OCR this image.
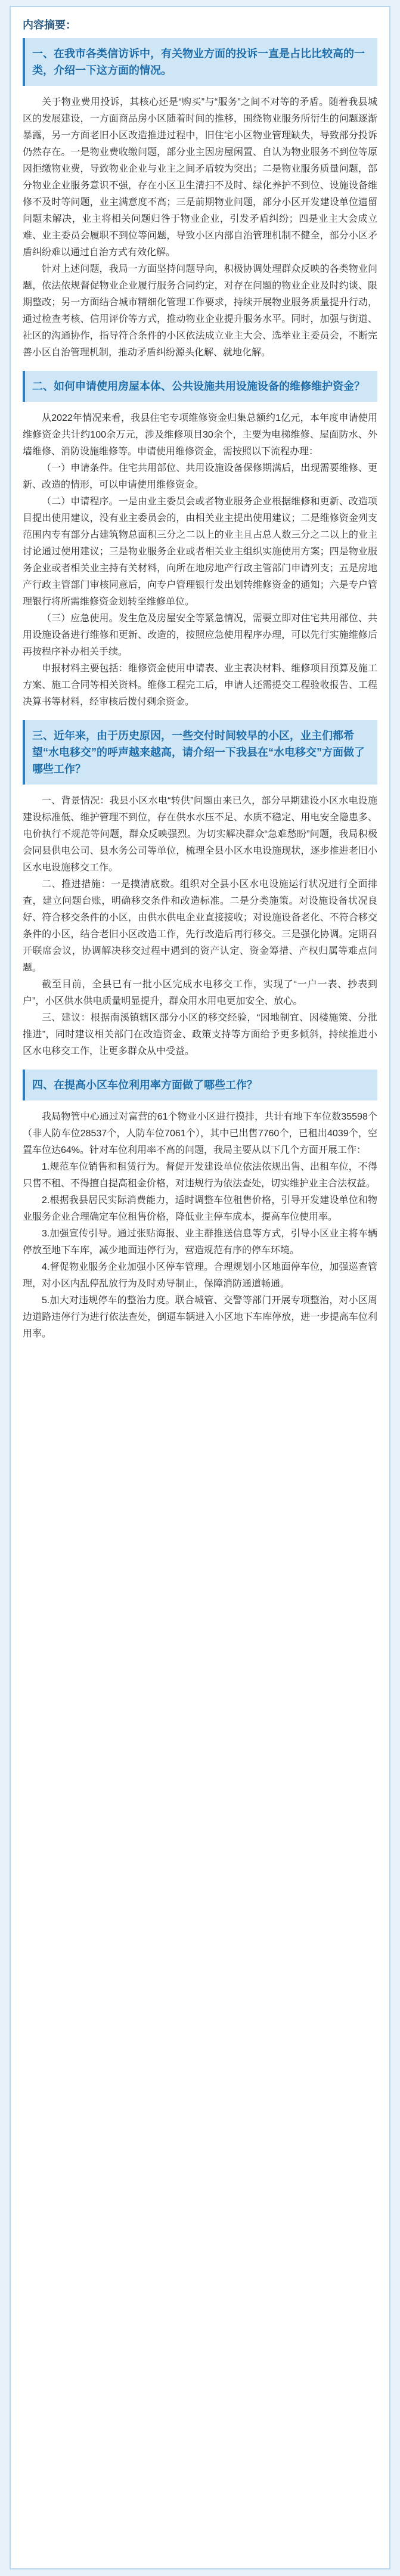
内容摘要：
一、在我市各类信访诉中，有关物业方面的投诉一直是占比比较高的一类，介绍一下这方面的情况。
关于物业费用投诉，其核心还是“购买”与“服务”之间不对等的矛盾。随着我县城区的发展建设，一方面商品房小区随着时间的推移，围绕物业服务所衍生的问题逐渐暴露，另一方面老旧小区改造推进过程中，旧住宅小区物业管理缺失，导致部分投诉仍然存在。一是物业费收缴问题，部分业主因房屋闲置、自认为物业服务不到位等原因拒缴物业费，导致物业企业与业主之间矛盾较为突出；二是物业服务质量问题，部分物业企业服务意识不强，存在小区卫生清扫不及时、绿化养护不到位、设施设备维修不及时等问题，业主满意度不高；三是前期物业问题，部分小区开发建设单位遗留问题未解决，业主将相关问题归咎于物业企业，引发矛盾纠纷；四是业主大会成立难、业主委员会履职不到位等问题，导致小区内部自治管理机制不健全，部分小区矛盾纠纷难以通过自治方式有效化解。
针对上述问题，我局一方面坚持问题导向，积极协调处理群众反映的各类物业问题，依法依规督促物业企业履行服务合同约定，对存在问题的物业企业及时约谈、限期整改；另一方面结合城市精细化管理工作要求，持续开展物业服务质量提升行动，通过检查考核、信用评价等方式，推动物业企业提升服务水平。同时，加强与街道、社区的沟通协作，指导符合条件的小区依法成立业主大会、选举业主委员会，不断完善小区自治管理机制，推动矛盾纠纷源头化解、就地化解。
二、如何申请使用房屋本体、公共设施共用设施设备的维修维护资金？
从2022年情况来看，我县住宅专项维修资金归集总额约1亿元，本年度申请使用维修资金共计约100余万元，涉及维修项目30余个，主要为电梯维修、屋面防水、外墙维修、消防设施维修等。申请使用维修资金，需按照以下流程办理：
（一）申请条件。住宅共用部位、共用设施设备保修期满后，出现需要维修、更新、改造的情形，可以申请使用维修资金。
（二）申请程序。一是由业主委员会或者物业服务企业根据维修和更新、改造项目提出使用建议，没有业主委员会的，由相关业主提出使用建议；二是维修资金列支范围内专有部分占建筑物总面积三分之二以上的业主且占总人数三分之二以上的业主讨论通过使用建议；三是物业服务企业或者相关业主组织实施使用方案；四是物业服务企业或者相关业主持有关材料，向所在地房地产行政主管部门申请列支；五是房地产行政主管部门审核同意后，向专户管理银行发出划转维修资金的通知；六是专户管理银行将所需维修资金划转至维修单位。
（三）应急使用。发生危及房屋安全等紧急情况，需要立即对住宅共用部位、共用设施设备进行维修和更新、改造的，按照应急使用程序办理，可以先行实施维修后再按程序补办相关手续。
申报材料主要包括：维修资金使用申请表、业主表决材料、维修项目预算及施工方案、施工合同等相关资料。维修工程完工后，申请人还需提交工程验收报告、工程决算书等材料，经审核后拨付剩余资金。
三、近年来，由于历史原因，一些交付时间较早的小区，业主们都希望“水电移交”的呼声越来越高，请介绍一下我县在“水电移交”方面做了哪些工作？
一、背景情况：我县小区水电“转供”问题由来已久，部分早期建设小区水电设施建设标准低、维护管理不到位，存在供水水压不足、水质不稳定、用电安全隐患多、电价执行不规范等问题，群众反映强烈。为切实解决群众“急难愁盼”问题，我局积极会同县供电公司、县水务公司等单位，梳理全县小区水电设施现状，逐步推进老旧小区水电设施移交工作。
二、推进措施：一是摸清底数。组织对全县小区水电设施运行状况进行全面排查，建立问题台账，明确移交条件和改造标准。二是分类施策。对设施设备状况良好、符合移交条件的小区，由供水供电企业直接接收；对设施设备老化、不符合移交条件的小区，结合老旧小区改造工作，先行改造后再行移交。三是强化协调。定期召开联席会议，协调解决移交过程中遇到的资产认定、资金筹措、产权归属等难点问题。
截至目前，全县已有一批小区完成水电移交工作，实现了“一户一表、抄表到户”，小区供水供电质量明显提升，群众用水用电更加安全、放心。
三、建议：根据南溪镇辖区部分小区的移交经验，“因地制宜、因楼施策、分批推进”，同时建议相关部门在改造资金、政策支持等方面给予更多倾斜，持续推进小区水电移交工作，让更多群众从中受益。
四、在提高小区车位利用率方面做了哪些工作？
我局物管中心通过对富营的61个物业小区进行摸排，共计有地下车位数35598个（非人防车位28537个，人防车位7061个），其中已出售7760个，已租出4039个，空置车位达64%。针对车位利用率不高的问题，我局主要从以下几个方面开展工作：
1.规范车位销售和租赁行为。督促开发建设单位依法依规出售、出租车位，不得只售不租、不得擅自提高租金价格，对违规行为依法查处，切实维护业主合法权益。
2.根据我县居民实际消费能力，适时调整车位租售价格，引导开发建设单位和物业服务企业合理确定车位租售价格，降低业主停车成本，提高车位使用率。
3.加强宣传引导。通过张贴海报、业主群推送信息等方式，引导小区业主将车辆停放至地下车库，减少地面违停行为，营造规范有序的停车环境。
4.督促物业服务企业加强小区停车管理。合理规划小区地面停车位，加强巡查管理，对小区内乱停乱放行为及时劝导制止，保障消防通道畅通。
5.加大对违规停车的整治力度。联合城管、交警等部门开展专项整治，对小区周边道路违停行为进行依法查处，倒逼车辆进入小区地下车库停放，进一步提高车位利用率。
